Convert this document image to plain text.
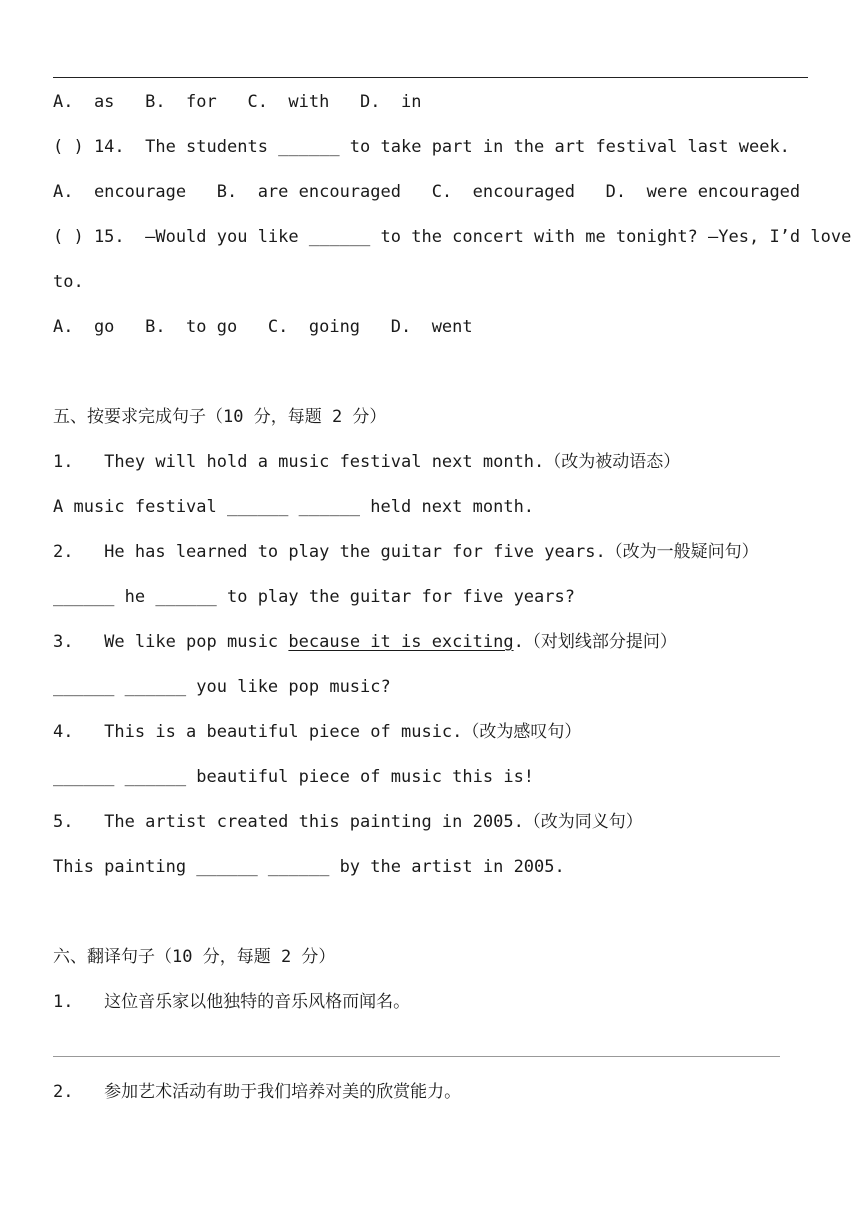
A.  as   B.  for   C.  with   D.  in
( ) 14.  The students ______ to take part in the art festival last week.
A.  encourage   B.  are encouraged   C.  encouraged   D.  were encouraged
( ) 15.  —Would you like ______ to the concert with me tonight? —Yes, I’d love
to.
A.  go   B.  to go   C.  going   D.  went
五、按要求完成句子（10 分，每题 2 分）
1.   They will hold a music festival next month.（改为被动语态）
A music festival ______ ______ held next month.
2.   He has learned to play the guitar for five years.（改为一般疑问句）
______ he ______ to play the guitar for five years?
3.   We like pop music because it is exciting.（对划线部分提问）
______ ______ you like pop music?
4.   This is a beautiful piece of music.（改为感叹句）
______ ______ beautiful piece of music this is!
5.   The artist created this painting in 2005.（改为同义句）
This painting ______ ______ by the artist in 2005.
六、翻译句子（10 分，每题 2 分）
1.   这位音乐家以他独特的音乐风格而闻名。
2.   参加艺术活动有助于我们培养对美的欣赏能力。
